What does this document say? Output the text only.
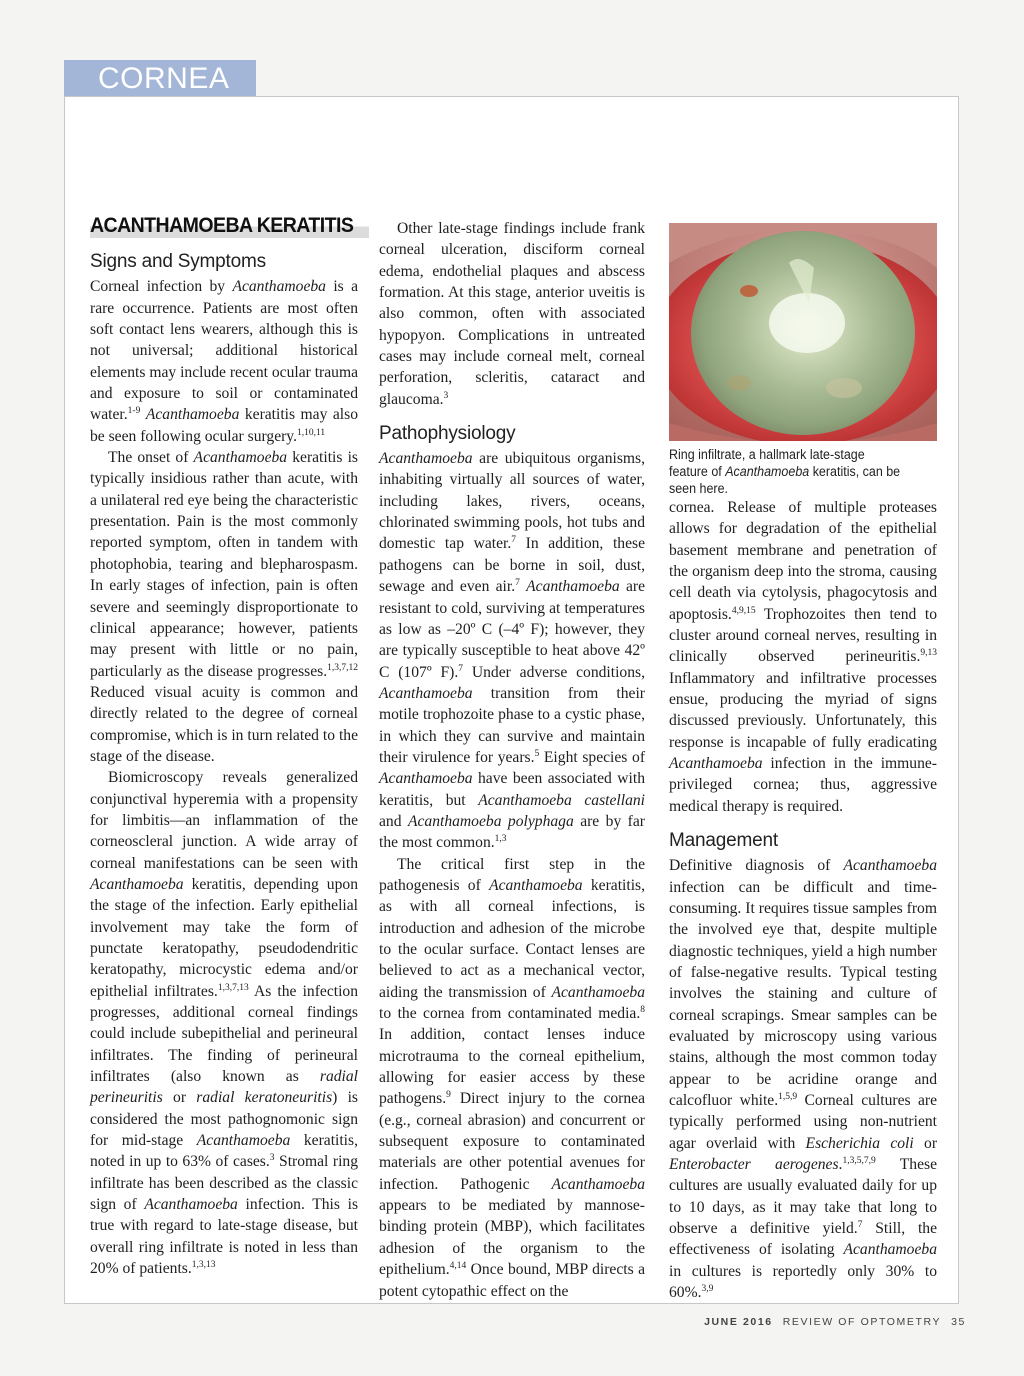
CORNEA
ACANTHAMOEBA KERATITIS
Signs and Symptoms

Corneal infection by Acanthamoeba is a rare occurrence. Patients are most often soft contact lens wearers, although this is not universal; additional historical elements may include recent ocular trauma and exposure to soil or contaminated water.$^{1-9}$ Acanthamoeba keratitis may also be seen following ocular surgery.$^{1,10,11}$

The onset of Acanthamoeba keratitis is typically insidious rather than acute, with a unilateral red eye being the characteristic presentation. Pain is the most commonly reported symptom, often in tandem with photophobia, tearing and blepharospasm. In early stages of infection, pain is often severe and seemingly disproportionate to clinical appearance; however, patients may present with little or no pain, particularly as the disease progresses.$^{1,3,7,12}$ Reduced visual acuity is common and directly related to the degree of corneal compromise, which is in turn related to the stage of the disease.

Biomicroscopy reveals generalized conjunctival hyperemia with a propensity for limbitis—an inflammation of the corneoscleral junction. A wide array of corneal manifestations can be seen with Acanthamoeba keratitis, depending upon the stage of the infection. Early epithelial involvement may take the form of punctate keratopathy, pseudodendritic keratopathy, microcystic edema and/or epithelial infiltrates.$^{1,3,7,13}$ As the infection progresses, additional corneal findings could include subepithelial and perineural infiltrates. The finding of perineural infiltrates (also known as radial perineuritis or radial keratoneuritis) is considered the most pathognomonic sign for mid-stage Acanthamoeba keratitis, noted in up to 63% of cases.$^3$ Stromal ring infiltrate has been described as the classic sign of Acanthamoeba infection. This is true with regard to late-stage disease, but overall ring infiltrate is noted in less than 20% of patients.$^{1,3,13}$

Other late-stage findings include frank corneal ulceration, disciform corneal edema, endothelial plaques and abscess formation. At this stage, anterior uveitis is also common, often with associated hypopyon. Complications in untreated cases may include corneal melt, corneal perforation, scleritis, cataract and glaucoma.$^3$

Pathophysiology

Acanthamoeba are ubiquitous organisms, inhabiting virtually all sources of water, including lakes, rivers, oceans, chlorinated swimming pools, hot tubs and domestic tap water.$^7$ In addition, these pathogens can be borne in soil, dust, sewage and even air.$^7$ Acanthamoeba are resistant to cold, surviving at temperatures as low as –20º C (–4º F); however, they are typically susceptible to heat above 42º C (107º F).$^7$ Under adverse conditions, Acanthamoeba transition from their motile trophozoite phase to a cystic phase, in which they can survive and maintain their virulence for years.$^5$ Eight species of Acanthamoeba have been associated with keratitis, but Acanthamoeba castellani and Acanthamoeba polyphaga are by far the most common.$^{1,3}$

The critical first step in the pathogenesis of Acanthamoeba keratitis, as with all corneal infections, is introduction and adhesion of the microbe to the ocular surface. Contact lenses are believed to act as a mechanical vector, aiding the transmission of Acanthamoeba to the cornea from contaminated media.$^8$ In addition, contact lenses induce microtrauma to the corneal epithelium, allowing for easier access by these pathogens.$^9$ Direct injury to the cornea (e.g., corneal abrasion) and concurrent or subsequent exposure to contaminated materials are other potential avenues for infection. Pathogenic Acanthamoeba appears to be mediated by mannose-binding protein (MBP), which facilitates adhesion of the organism to the epithelium.$^{4,14}$ Once bound, MBP directs a potent cytopathic effect on the

Ring infiltrate, a hallmark late-stage feature of Acanthamoeba keratitis, can be seen here.

cornea. Release of multiple proteases allows for degradation of the epithelial basement membrane and penetration of the organism deep into the stroma, causing cell death via cytolysis, phagocytosis and apoptosis.$^{4,9,15}$ Trophozoites then tend to cluster around corneal nerves, resulting in clinically observed perineuritis.$^{9,13}$ Inflammatory and infiltrative processes ensue, producing the myriad of signs discussed previously. Unfortunately, this response is incapable of fully eradicating Acanthamoeba infection in the immune-privileged cornea; thus, aggressive medical therapy is required.

Management

Definitive diagnosis of Acanthamoeba infection can be difficult and time-consuming. It requires tissue samples from the involved eye that, despite multiple diagnostic techniques, yield a high number of false-negative results. Typical testing involves the staining and culture of corneal scrapings. Smear samples can be evaluated by microscopy using various stains, although the most common today appear to be acridine orange and calcofluor white.$^{1,5,9}$ Corneal cultures are typically performed using non-nutrient agar overlaid with Escherichia coli or Enterobacter aerogenes.$^{1,3,5,7,9}$ These cultures are usually evaluated daily for up to 10 days, as it may take that long to observe a definitive yield.$^7$ Still, the effectiveness of isolating Acanthamoeba in cultures is reportedly only 30% to 60%.$^{3,9}$

JUNE 2016 REVIEW OF OPTOMETRY 35
